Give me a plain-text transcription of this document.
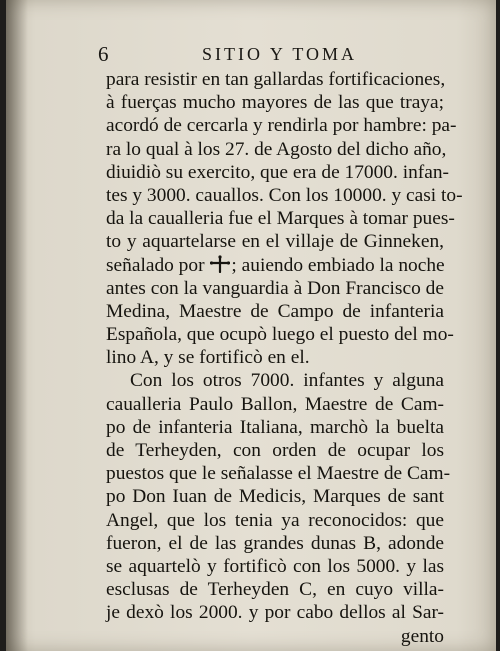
6	SITIO Y TOMA
para resistir en tan gallardas fortificaciones,
à fuerças mucho mayores de las que traya;
acordó de cercarla y rendirla por hambre: pa-
ra lo qual à los 27. de Agosto del dicho año,
diuidiò su exercito, que era de 17000. infan-
tes y 3000. cauallos. Con los 10000. y casi to-
da la caualleria fue el Marques à tomar pues-
to y aquartelarse en el villaje de Ginneken,
señalado por ; auiendo embiado la noche
antes con la vanguardia à Don Francisco de
Medina, Maestre de Campo de infanteria
Española, que ocupò luego el puesto del mo-
lino A, y se fortificò en el.
Con los otros 7000. infantes y alguna
caualleria Paulo Ballon, Maestre de Cam-
po de infanteria Italiana, marchò la buelta
de Terheyden, con orden de ocupar los
puestos que le señalasse el Maestre de Cam-
po Don Iuan de Medicis, Marques de sant
Angel, que los tenia ya reconocidos: que
fueron, el de las grandes dunas B, adonde
se aquartelò y fortificò con los 5000. y las
esclusas de Terheyden C, en cuyo villa-
je dexò los 2000. y por cabo dellos al Sar-
gento
